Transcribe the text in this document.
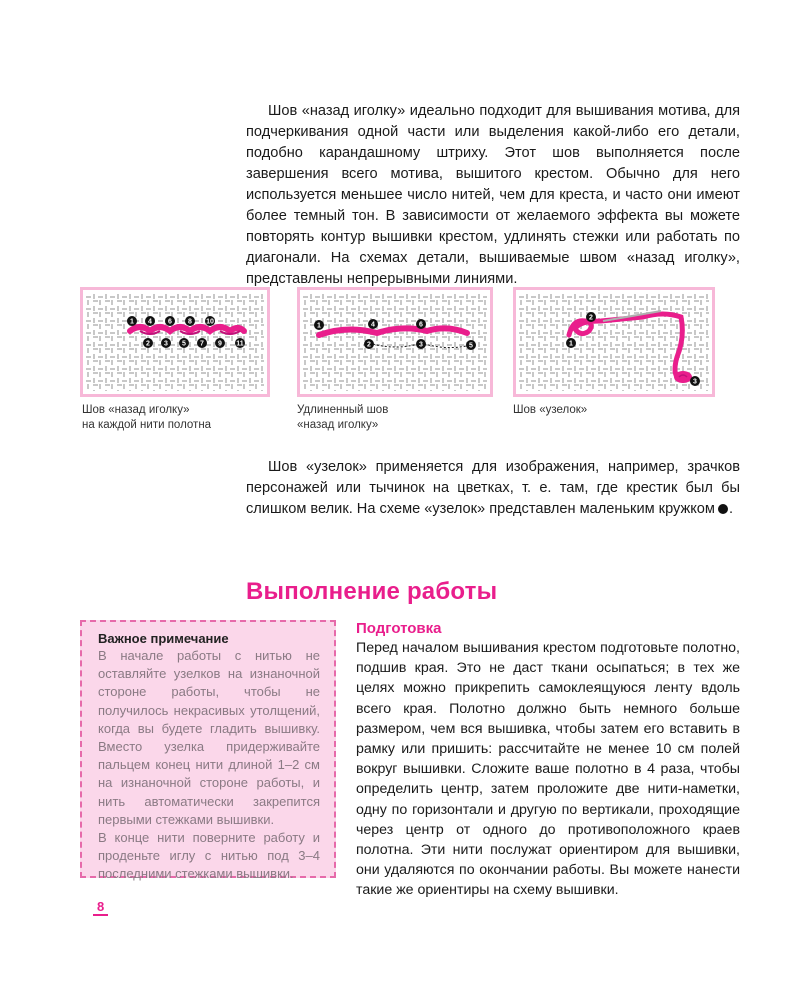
Шов «назад иголку» идеально подходит для вышивания мотива, для подчеркивания одной части или выделения какой-либо его детали, подобно карандашному штриху. Этот шов выполняется после завершения всего мотива, вышитого крестом. Обычно для него используется меньшее число нитей, чем для креста, и часто они имеют более темный тон. В зависимости от желаемого эффекта вы можете повторять контур вышивки крестом, удлинять стежки или работать по диагонали. На схемах детали, вышиваемые швом «назад иголку», представлены непрерывными линиями.

1 4 6 8 10
2 3 5 7 9 11
Шов «назад иголку»
на каждой нити полотна
1	4	6
2	3	5
Удлиненный шов
«назад иголку»
1
2
3
Шов «узелок»

Шов «узелок» применяется для изображения, например, зрачков персонажей или тычинок на цветках, т. е. там, где крестик был бы слишком велик. На схеме «узелок» представлен маленьким кружком .

Выполнение работы

Важное примечание

В начале работы с нитью не оставляйте узелков на изнаночной стороне работы, чтобы не получилось некрасивых утолщений, когда вы будете гладить вышивку. Вместо узелка придерживайте пальцем конец нити длиной 1–2 см на изнаночной стороне работы, и нить автоматически закрепится первыми стежками вышивки.

В конце нити поверните работу и проденьте иглу с нитью под 3–4 последними стежками вышивки.

Подготовка

Перед началом вышивания крестом подготовьте полотно, подшив края. Это не даст ткани осыпаться; в тех же целях можно прикрепить самоклеящуюся ленту вдоль всего края. Полотно должно быть немного больше размером, чем вся вышивка, чтобы затем его вставить в рамку или пришить: рассчитайте не менее 10 см полей вокруг вышивки. Сложите ваше полотно в 4 раза, чтобы определить центр, затем проложите две нити-наметки, одну по горизонтали и другую по вертикали, проходящие через центр от одного до противоположного краев полотна. Эти нити послужат ориентиром для вышивки, они удаляются по окончании работы. Вы можете нанести такие же ориентиры на схему вышивки.

8
